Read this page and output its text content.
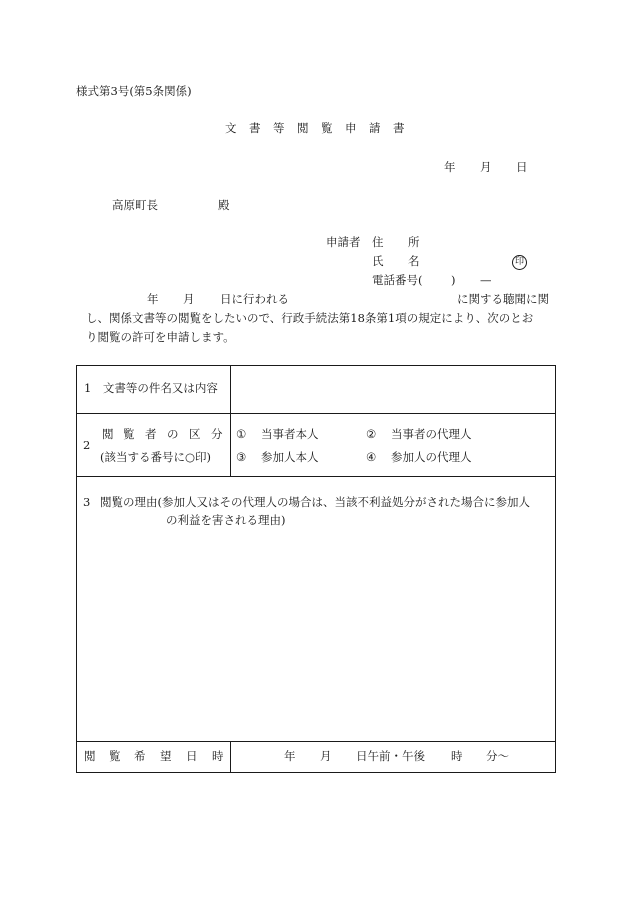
様式第3号(第5条関係)
文 書 等 閲 覧 申 請 書
年 月 日
高原町長	殿
申請者 住 所
氏 名	印
電話番号( ) —
年 月 日に行われる	に関する聴聞に関
し、関係文書等の閲覧をしたいので、行政手続法第18条第1項の規定により、次のとお
り閲覧の許可を申請します。
1　文書等の件名又は内容
2
閲 覧 者 の 区 分
(該当する番号に○印)
① 当事者本人	② 当事者の代理人
③ 参加人本人	④ 参加人の代理人
3 閲覧の理由(参加人又はその代理人の場合は、当該不利益処分がされた場合に参加人
の利益を害される理由)
閲 覧 希 望 日 時	年 月 日午前・午後 時 分～
